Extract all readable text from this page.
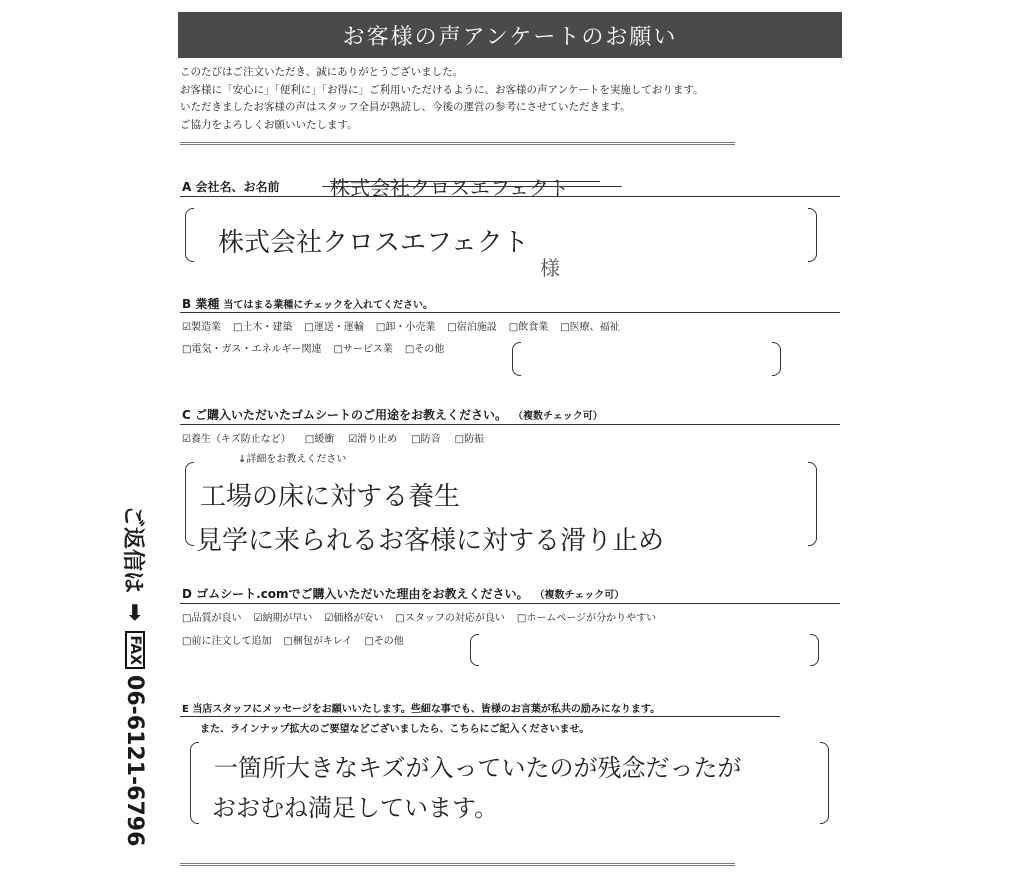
お客様の声アンケートのお願い
このたびはご注文いただき、誠にありがとうございました。
お客様に「安心に」「便利に」「お得に」ご利用いただけるように、お客様の声アンケートを実施しております。
いただきましたお客様の声はスタッフ全員が熟読し、今後の運営の参考にさせていただきます。
ご協力をよろしくお願いいたします。
A 会社名、お名前	株式会社クロスエフェクト
株式会社クロスエフェクト
様
B 業種 当てはまる業種にチェックを入れてください。
☑製造業 □土木・建築 □運送・運輸 □卸・小売業 □宿泊施設 □飲食業 □医療、福祉
□電気・ガス・エネルギー関連 □サービス業 □その他
C ご購入いただいたゴムシートのご用途をお教えください。 （複数チェック可）
☑養生（キズ防止など） □緩衝 ☑滑り止め □防音 □防振
↓詳細をお教えください
工場の床に対する養生
見学に来られるお客様に対する滑り止め
D ゴムシート.comでご購入いただいた理由をお教えください。 （複数チェック可）
□品質が良い ☑納期が早い ☑価格が安い □スタッフの対応が良い □ホームページが分かりやすい
□前に注文して追加 □梱包がキレイ □その他
E 当店スタッフにメッセージをお願いいたします。些細な事でも、皆様のお言葉が私共の励みになります。
また、ラインナップ拡大のご要望などございましたら、こちらにご記入くださいませ。
一箇所大きなキズが入っていたのが残念だったが
おおむね満足しています。
ご返信は
➡
FAX
06-6121-6796
